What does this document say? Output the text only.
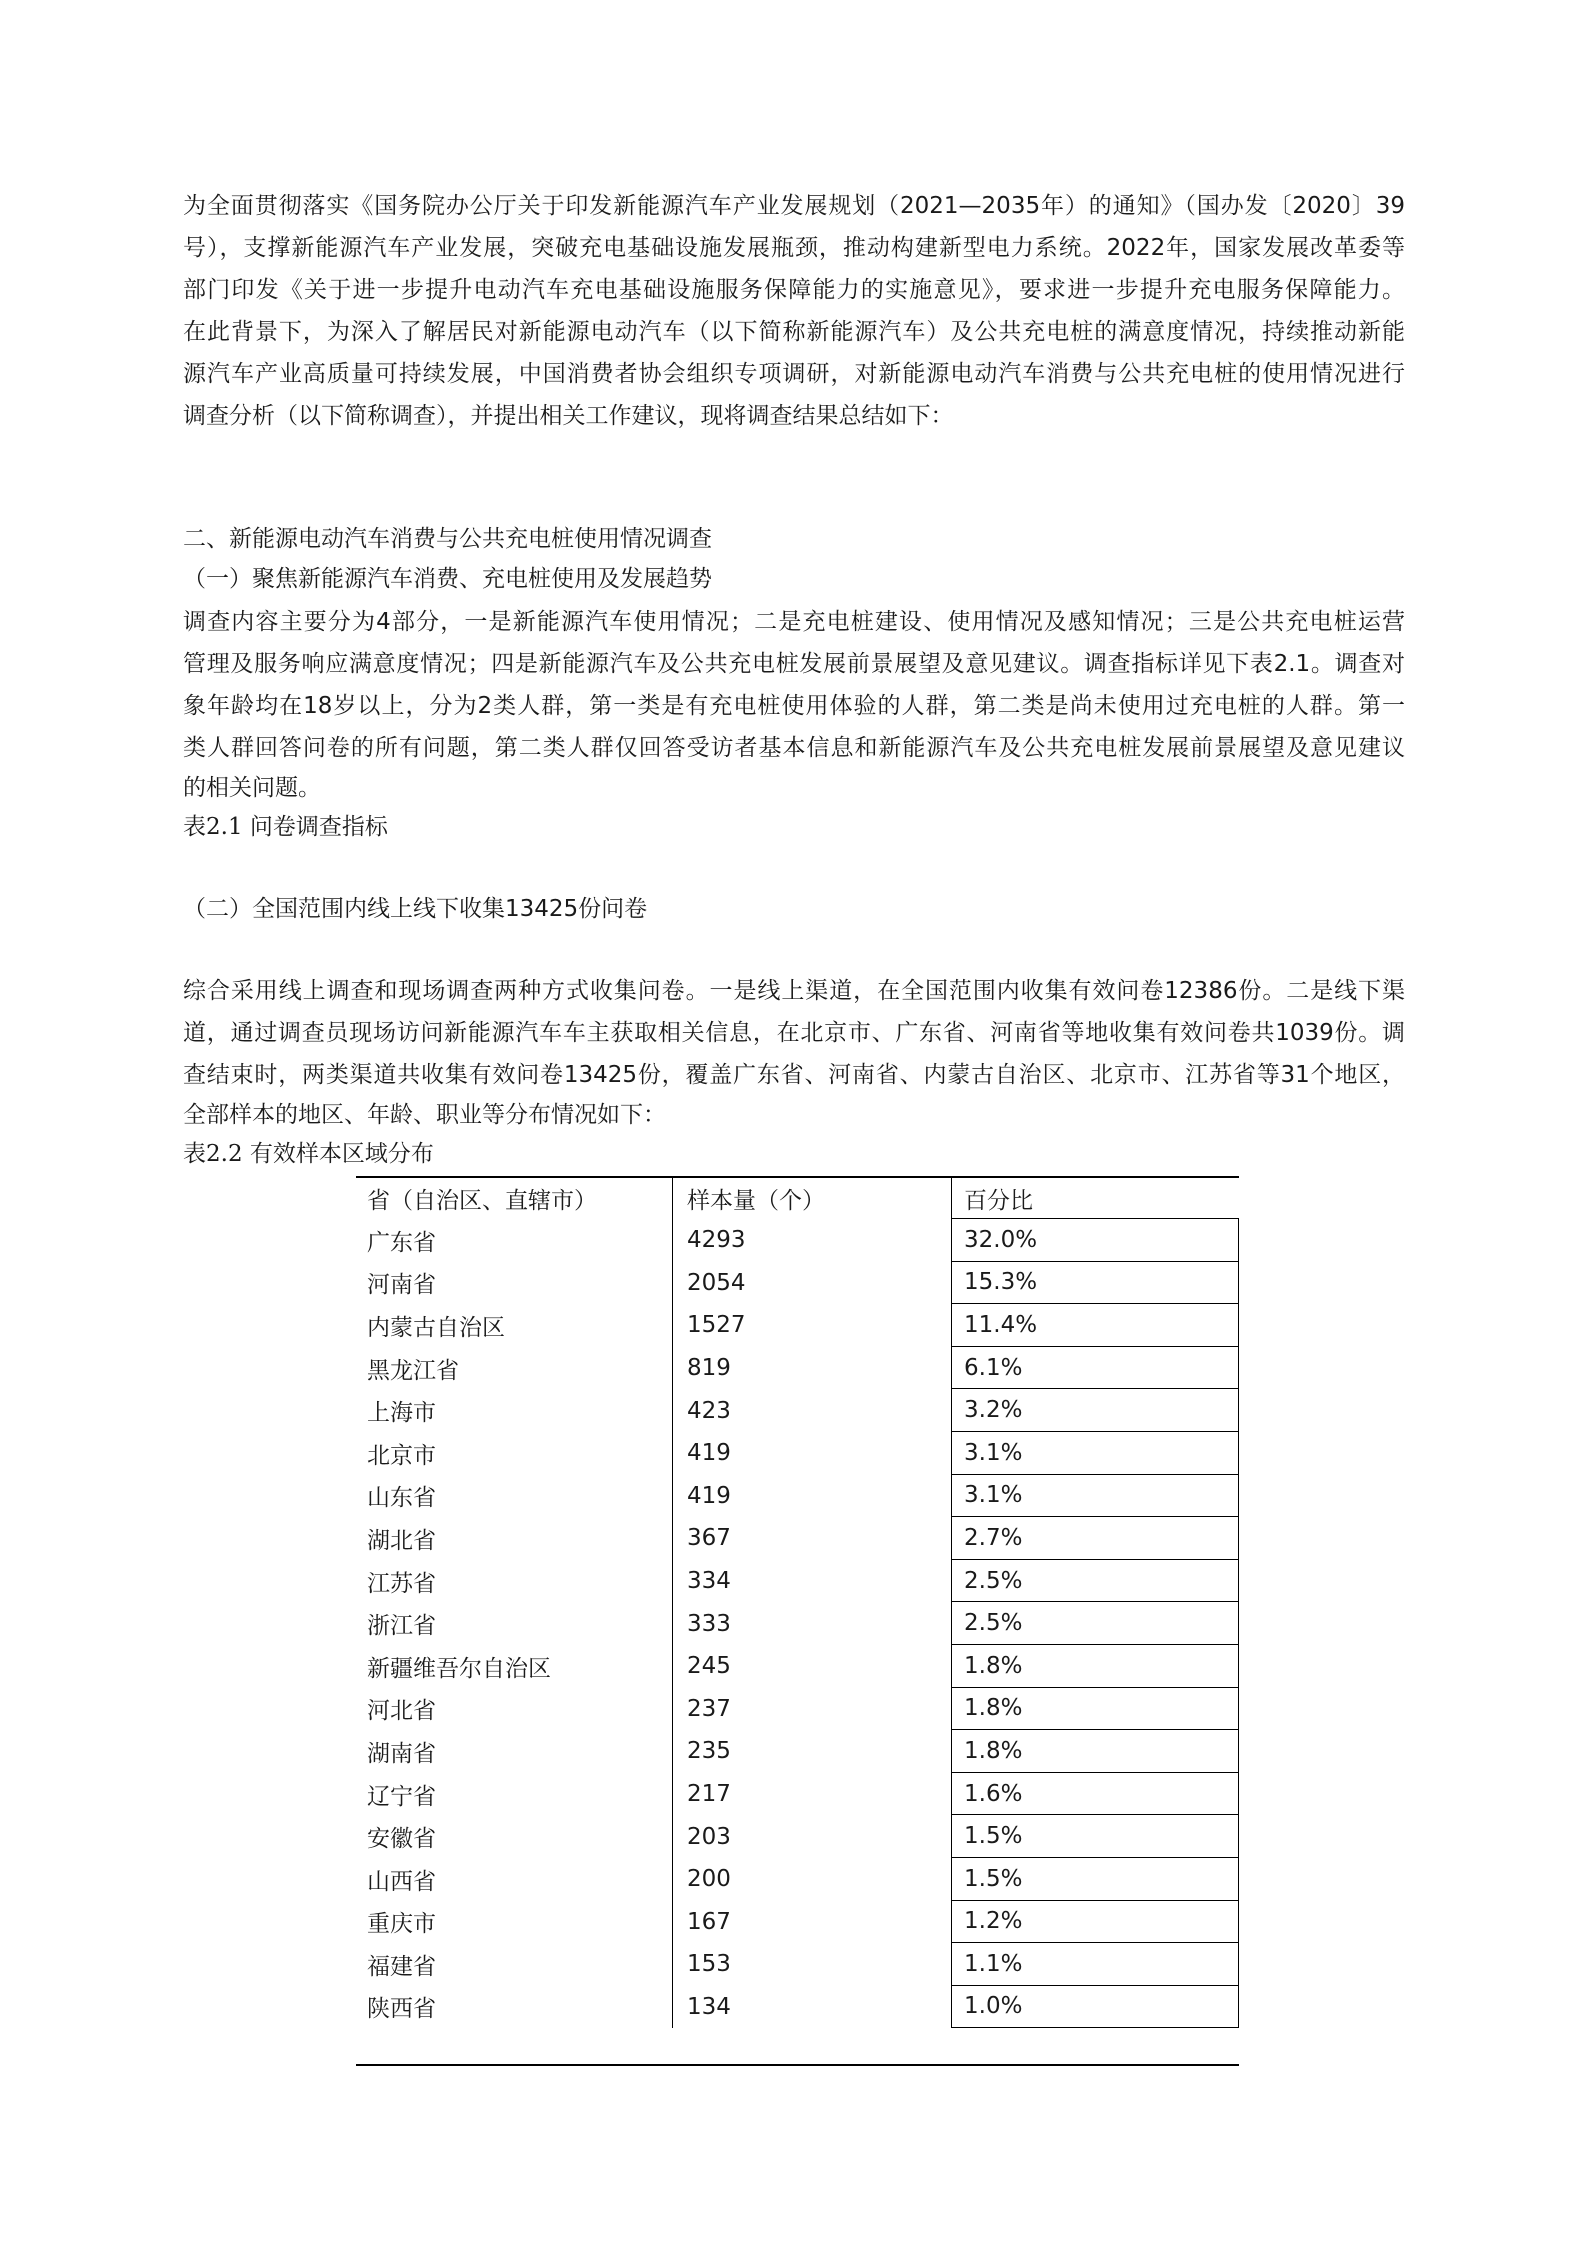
为全面贯彻落实《国务院办公厅关于印发新能源汽车产业发展规划（2021—2035年）的通知》（国办发〔2020〕39
号），支撑新能源汽车产业发展，突破充电基础设施发展瓶颈，推动构建新型电力系统。2022年，国家发展改革委等
部门印发《关于进一步提升电动汽车充电基础设施服务保障能力的实施意见》，要求进一步提升充电服务保障能力。
在此背景下，为深入了解居民对新能源电动汽车（以下简称新能源汽车）及公共充电桩的满意度情况，持续推动新能
源汽车产业高质量可持续发展，中国消费者协会组织专项调研，对新能源电动汽车消费与公共充电桩的使用情况进行
调查分析（以下简称调查），并提出相关工作建议，现将调查结果总结如下：
二、新能源电动汽车消费与公共充电桩使用情况调查
（一）聚焦新能源汽车消费、充电桩使用及发展趋势
调查内容主要分为4部分，一是新能源汽车使用情况；二是充电桩建设、使用情况及感知情况；三是公共充电桩运营
管理及服务响应满意度情况；四是新能源汽车及公共充电桩发展前景展望及意见建议。调查指标详见下表2.1。调查对
象年龄均在18岁以上，分为2类人群，第一类是有充电桩使用体验的人群，第二类是尚未使用过充电桩的人群。第一
类人群回答问卷的所有问题，第二类人群仅回答受访者基本信息和新能源汽车及公共充电桩发展前景展望及意见建议
的相关问题。
表2.1 问卷调查指标
（二）全国范围内线上线下收集13425份问卷
综合采用线上调查和现场调查两种方式收集问卷。一是线上渠道，在全国范围内收集有效问卷12386份。二是线下渠
道，通过调查员现场访问新能源汽车车主获取相关信息，在北京市、广东省、河南省等地收集有效问卷共1039份。调
查结束时，两类渠道共收集有效问卷13425份，覆盖广东省、河南省、内蒙古自治区、北京市、江苏省等31个地区，
全部样本的地区、年龄、职业等分布情况如下：
表2.2 有效样本区域分布
省（自治区、直辖市）	样本量（个）	百分比
广东省	4293	32.0%
河南省	2054	15.3%
内蒙古自治区	1527	11.4%
黑龙江省	819	6.1%
上海市	423	3.2%
北京市	419	3.1%
山东省	419	3.1%
湖北省	367	2.7%
江苏省	334	2.5%
浙江省	333	2.5%
新疆维吾尔自治区	245	1.8%
河北省	237	1.8%
湖南省	235	1.8%
辽宁省	217	1.6%
安徽省	203	1.5%
山西省	200	1.5%
重庆市	167	1.2%
福建省	153	1.1%
陕西省	134	1.0%
